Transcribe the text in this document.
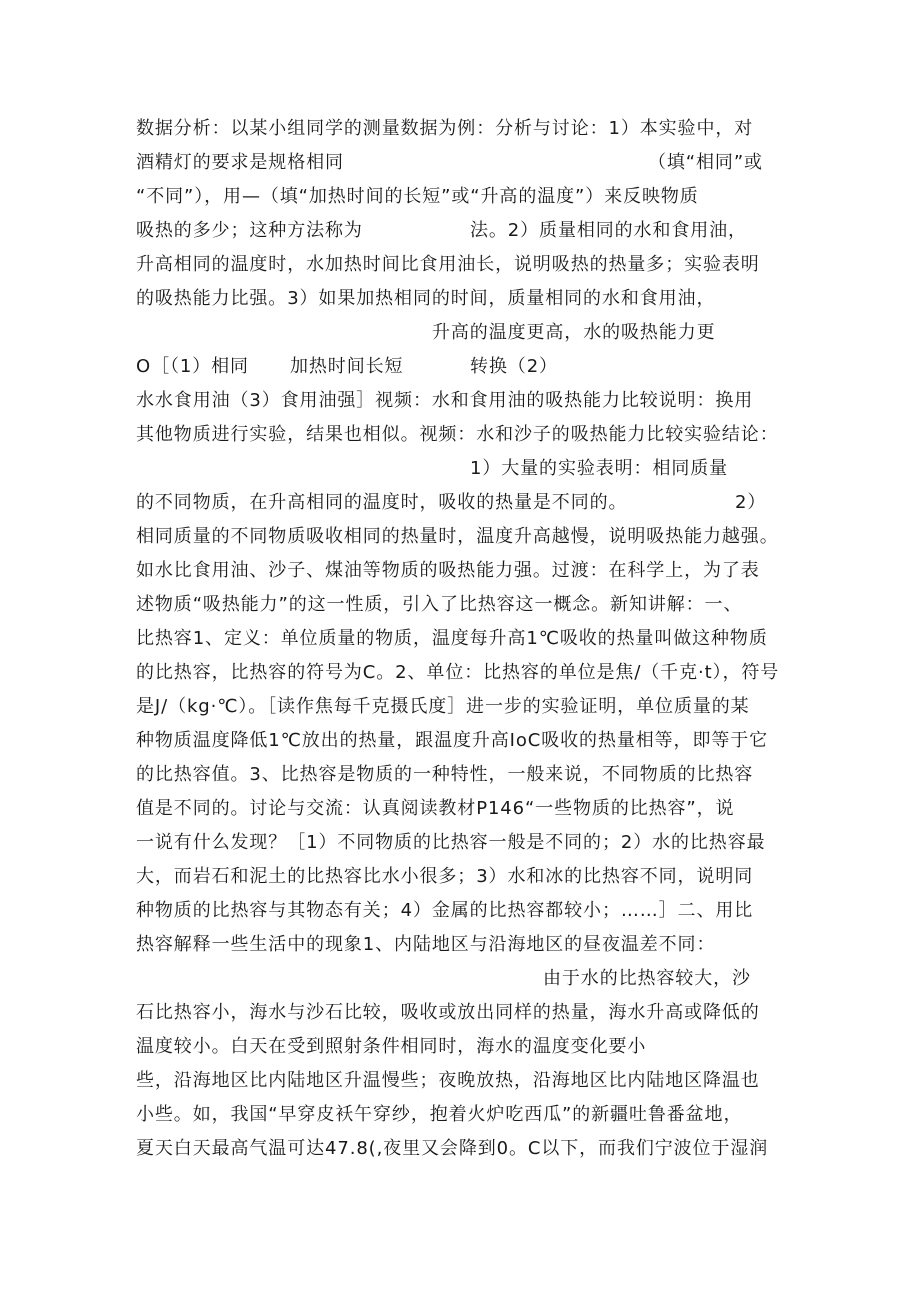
数据分析：以某小组同学的测量数据为例：分析与讨论：1）本实验中，对
酒精灯的要求是规格相同	（填“相同”或
“不同”），用—（填“加热时间的长短”或“升高的温度”）来反映物质
吸热的多少；这种方法称为	法。2）质量相同的水和食用油，
升高相同的温度时，水加热时间比食用油长，说明吸热的热量多；实验表明
的吸热能力比强。3）如果加热相同的时间，质量相同的水和食用油，
升高的温度更高，水的吸热能力更
O［（1）相同 加热时间长短	转换（2）
水水食用油（3）食用油强］视频：水和食用油的吸热能力比较说明：换用
其他物质进行实验，结果也相似。视频：水和沙子的吸热能力比较实验结论：
1）大量的实验表明：相同质量
的不同物质，在升高相同的温度时，吸收的热量是不同的。	2）
相同质量的不同物质吸收相同的热量时，温度升高越慢，说明吸热能力越强。
如水比食用油、沙子、煤油等物质的吸热能力强。过渡：在科学上，为了表
述物质“吸热能力”的这一性质，引入了比热容这一概念。新知讲解：一、
比热容1、定义：单位质量的物质，温度每升高1℃吸收的热量叫做这种物质
的比热容，比热容的符号为C。2、单位：比热容的单位是焦/（千克·t），符号
是J/（kg·℃）。［读作焦每千克摄氏度］进一步的实验证明，单位质量的某
种物质温度降低1℃放出的热量，跟温度升高IoC吸收的热量相等，即等于它
的比热容值。3、比热容是物质的一种特性，一般来说，不同物质的比热容
值是不同的。讨论与交流：认真阅读教材P146“一些物质的比热容”，说
一说有什么发现？［1）不同物质的比热容一般是不同的；2）水的比热容最
大，而岩石和泥土的比热容比水小很多；3）水和冰的比热容不同，说明同
种物质的比热容与其物态有关；4）金属的比热容都较小；……］二、用比
热容解释一些生活中的现象1、内陆地区与沿海地区的昼夜温差不同：
由于水的比热容较大，沙
石比热容小，海水与沙石比较，吸收或放出同样的热量，海水升高或降低的
温度较小。白天在受到照射条件相同时，海水的温度变化要小
些，沿海地区比内陆地区升温慢些；夜晚放热，沿海地区比内陆地区降温也
小些。如，我国“早穿皮袄午穿纱，抱着火炉吃西瓜”的新疆吐鲁番盆地，
夏天白天最高气温可达47.8(,夜里又会降到0。C以下，而我们宁波位于湿润
